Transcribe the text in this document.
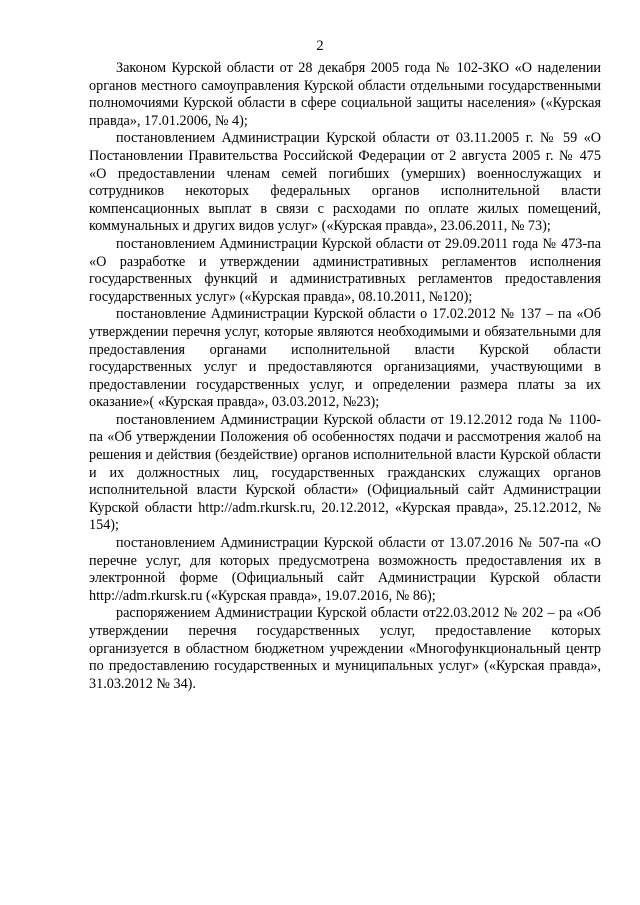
2

Законом Курской области от 28 декабря 2005 года № 102-ЗКО «О наделении органов местного самоуправления Курской области отдельными государственными полномочиями Курской области в сфере социальной защиты населения» («Курская правда», 17.01.2006, № 4);

постановлением Администрации Курской области от 03.11.2005 г. № 59 «О Постановлении Правительства Российской Федерации от 2 августа 2005 г. № 475 «О предоставлении членам семей погибших (умерших) военнослужащих и сотрудников некоторых федеральных органов исполнительной власти компенсационных выплат в связи с расходами по оплате жилых помещений, коммунальных и других видов услуг» («Курская правда», 23.06.2011, № 73);

постановлением Администрации Курской области от 29.09.2011 года № 473-па «О разработке и утверждении административных регламентов исполнения государственных функций и административных регламентов предоставления государственных услуг» («Курская правда», 08.10.2011, №120);

постановление Администрации Курской области о 17.02.2012 № 137 – па «Об утверждении перечня услуг, которые являются необходимыми и обязательными для предоставления органами исполнительной власти Курской области государственных услуг и предоставляются организациями, участвующими в предоставлении государственных услуг, и определении размера платы за их оказание»( «Курская правда», 03.03.2012, №23);

постановлением Администрации Курской области от 19.12.2012 года № 1100-па «Об утверждении Положения об особенностях подачи и рассмотрения жалоб на решения и действия (бездействие) органов исполнительной власти Курской области и их должностных лиц, государственных гражданских служащих органов исполнительной власти Курской области» (Официальный сайт Администрации Курской области http://adm.rkursk.ru, 20.12.2012, «Курская правда», 25.12.2012, № 154);

постановлением Администрации Курской области от 13.07.2016 № 507-па «О перечне услуг, для которых предусмотрена возможность предоставления их в электронной форме (Официальный сайт Администрации Курской области http://adm.rkursk.ru («Курская правда», 19.07.2016, № 86);

распоряжением Администрации Курской области от22.03.2012 № 202 – ра «Об утверждении перечня государственных услуг, предоставление которых организуется в областном бюджетном учреждении «Многофункциональный центр по предоставлению государственных и муниципальных услуг» («Курская правда», 31.03.2012 № 34).
